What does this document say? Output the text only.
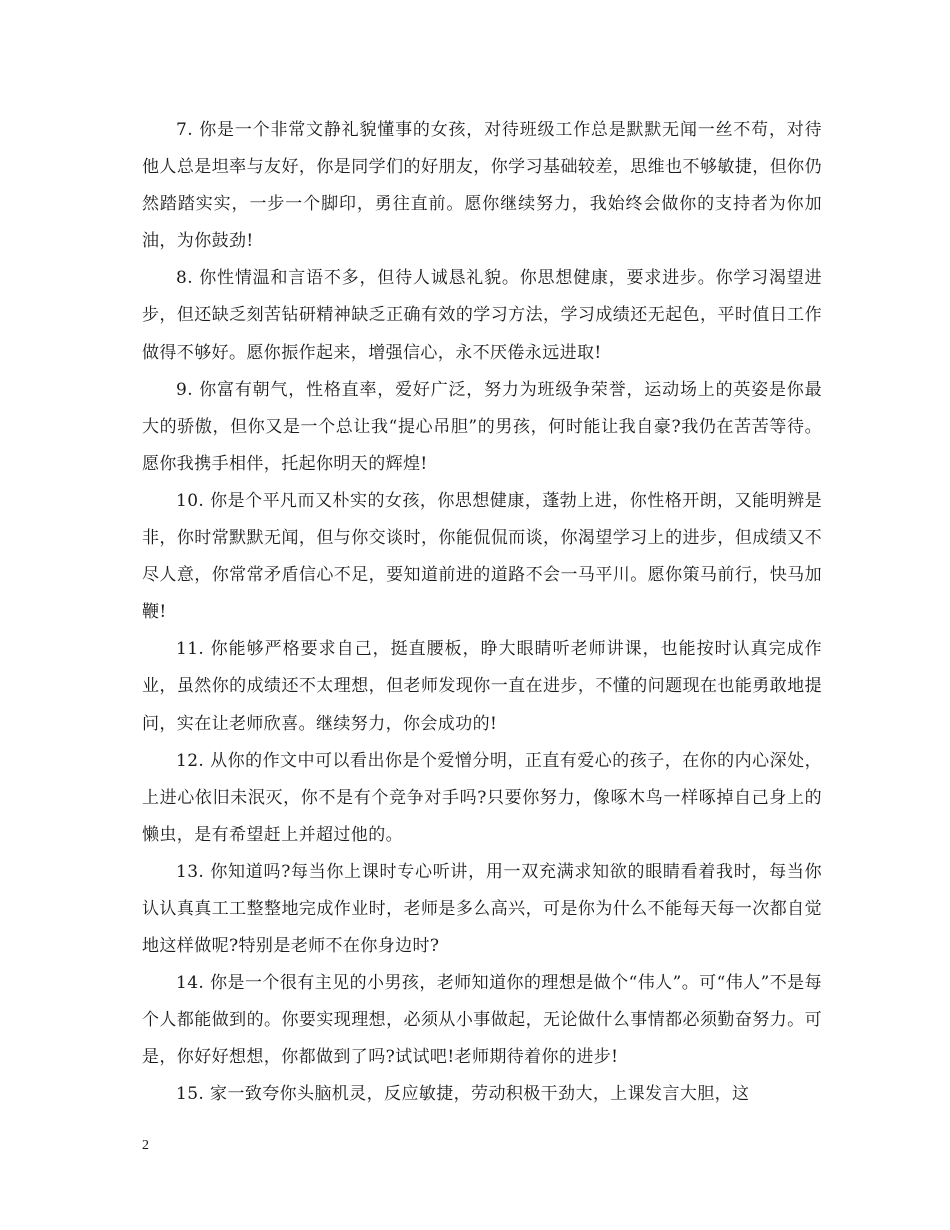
7. 你是一个非常文静礼貌懂事的女孩，对待班级工作总是默默无闻一丝不苟，对待他人总是坦率与友好，你是同学们的好朋友，你学习基础较差，思维也不够敏捷，但你仍然踏踏实实，一步一个脚印，勇往直前。愿你继续努力，我始终会做你的支持者为你加油，为你鼓劲!

8. 你性情温和言语不多，但待人诚恳礼貌。你思想健康，要求进步。你学习渴望进步，但还缺乏刻苦钻研精神缺乏正确有效的学习方法，学习成绩还无起色，平时值日工作做得不够好。愿你振作起来，增强信心，永不厌倦永远进取!

9. 你富有朝气，性格直率，爱好广泛，努力为班级争荣誉，运动场上的英姿是你最大的骄傲，但你又是一个总让我“提心吊胆”的男孩，何时能让我自豪?我仍在苦苦等待。愿你我携手相伴，托起你明天的辉煌!

10. 你是个平凡而又朴实的女孩，你思想健康，蓬勃上进，你性格开朗，又能明辨是非，你时常默默无闻，但与你交谈时，你能侃侃而谈，你渴望学习上的进步，但成绩又不尽人意，你常常矛盾信心不足，要知道前进的道路不会一马平川。愿你策马前行，快马加鞭!

11. 你能够严格要求自己，挺直腰板，睁大眼睛听老师讲课，也能按时认真完成作业，虽然你的成绩还不太理想，但老师发现你一直在进步，不懂的问题现在也能勇敢地提问，实在让老师欣喜。继续努力，你会成功的!

12. 从你的作文中可以看出你是个爱憎分明，正直有爱心的孩子，在你的内心深处，上进心依旧未泯灭，你不是有个竞争对手吗?只要你努力，像啄木鸟一样啄掉自己身上的懒虫，是有希望赶上并超过他的。

13. 你知道吗?每当你上课时专心听讲，用一双充满求知欲的眼睛看着我时，每当你认认真真工工整整地完成作业时，老师是多么高兴，可是你为什么不能每天每一次都自觉地这样做呢?特别是老师不在你身边时?

14. 你是一个很有主见的小男孩，老师知道你的理想是做个“伟人”。可“伟人”不是每个人都能做到的。你要实现理想，必须从小事做起，无论做什么事情都必须勤奋努力。可是，你好好想想，你都做到了吗?试试吧!老师期待着你的进步!

15. 家一致夸你头脑机灵，反应敏捷，劳动积极干劲大，上课发言大胆，这

2
